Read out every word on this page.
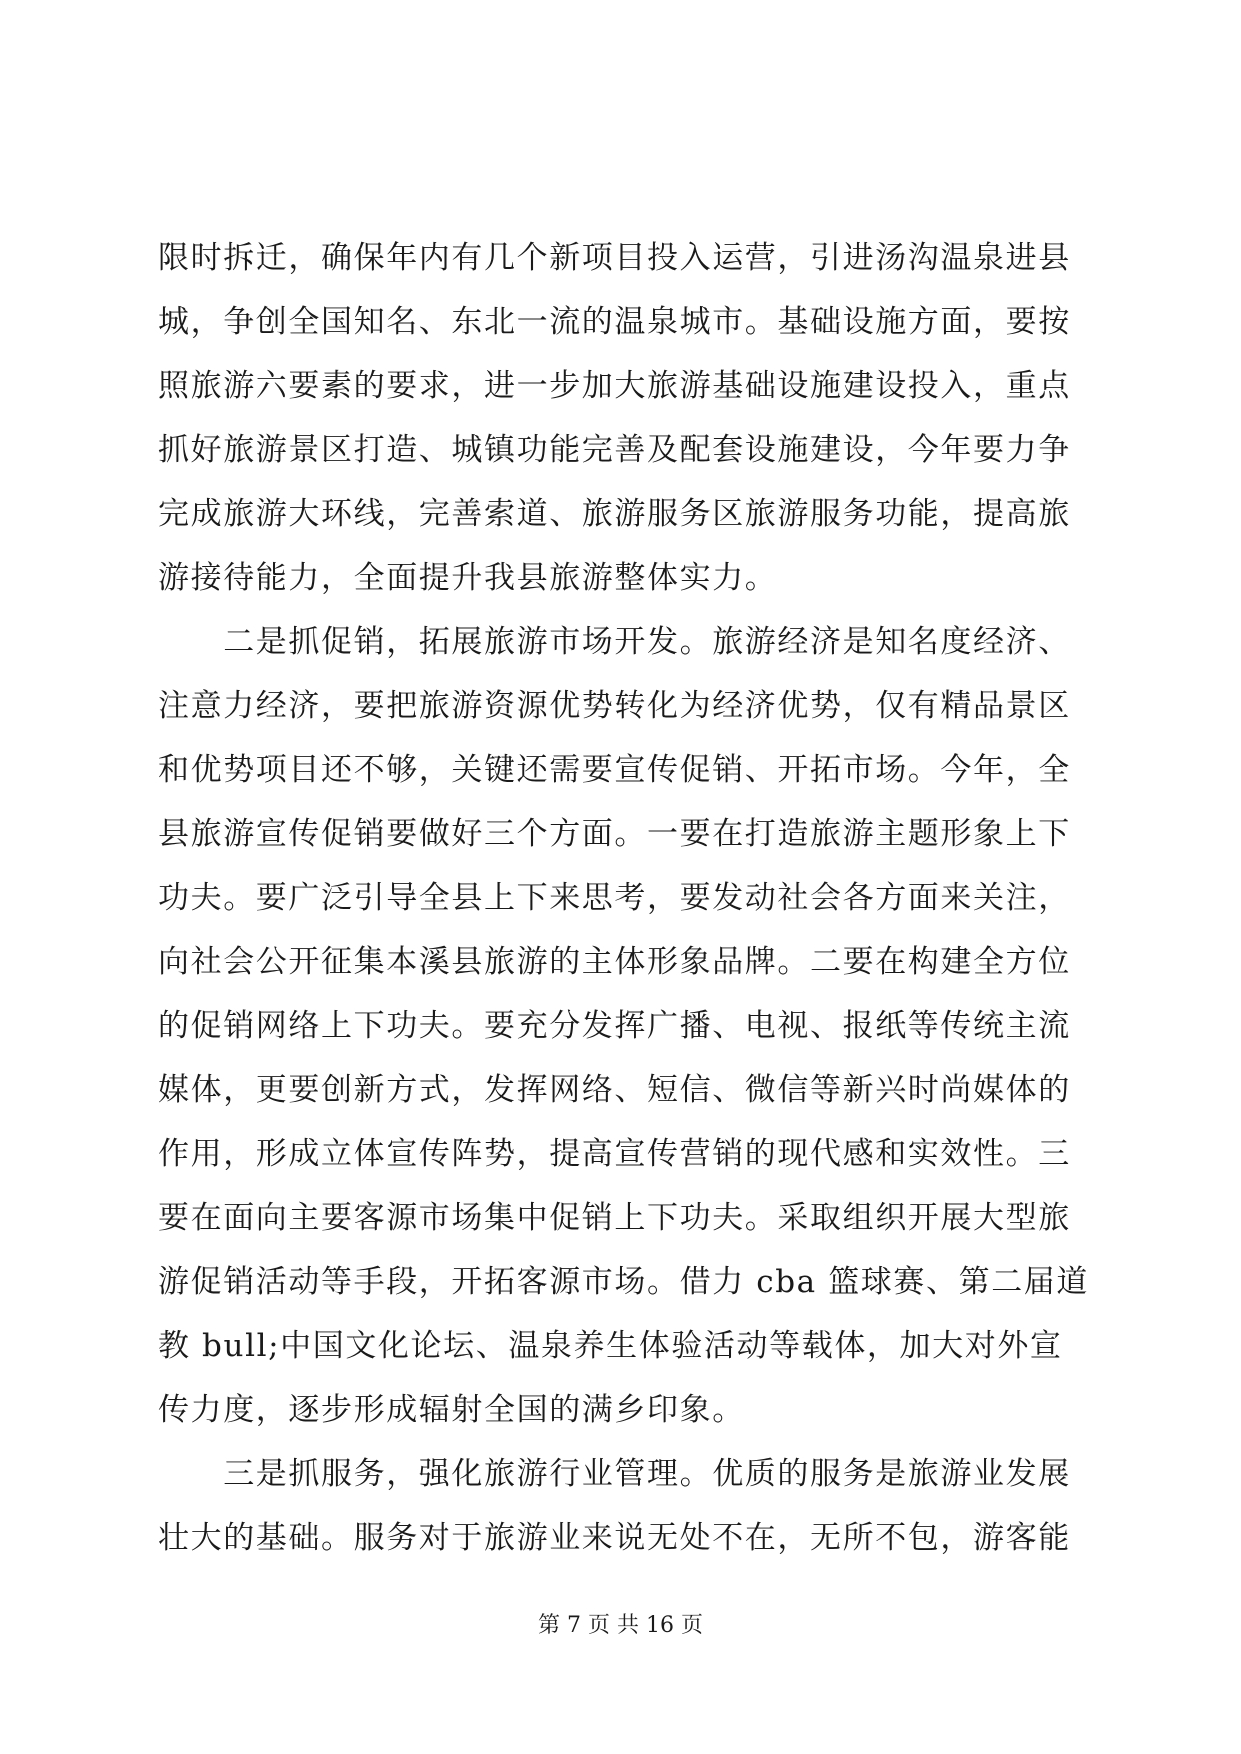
限时拆迁，确保年内有几个新项目投入运营，引进汤沟温泉进县
城，争创全国知名、东北一流的温泉城市。基础设施方面，要按
照旅游六要素的要求，进一步加大旅游基础设施建设投入，重点
抓好旅游景区打造、城镇功能完善及配套设施建设，今年要力争
完成旅游大环线，完善索道、旅游服务区旅游服务功能，提高旅
游接待能力，全面提升我县旅游整体实力。
　　二是抓促销，拓展旅游市场开发。旅游经济是知名度经济、
注意力经济，要把旅游资源优势转化为经济优势，仅有精品景区
和优势项目还不够，关键还需要宣传促销、开拓市场。今年，全
县旅游宣传促销要做好三个方面。一要在打造旅游主题形象上下
功夫。要广泛引导全县上下来思考，要发动社会各方面来关注，
向社会公开征集本溪县旅游的主体形象品牌。二要在构建全方位
的促销网络上下功夫。要充分发挥广播、电视、报纸等传统主流
媒体，更要创新方式，发挥网络、短信、微信等新兴时尚媒体的
作用，形成立体宣传阵势，提高宣传营销的现代感和实效性。三
要在面向主要客源市场集中促销上下功夫。采取组织开展大型旅
游促销活动等手段，开拓客源市场。借力 cba 篮球赛、第二届道
教 bull;中国文化论坛、温泉养生体验活动等载体，加大对外宣
传力度，逐步形成辐射全国的满乡印象。
　　三是抓服务，强化旅游行业管理。优质的服务是旅游业发展
壮大的基础。服务对于旅游业来说无处不在，无所不包，游客能
第 7 页 共 16 页
